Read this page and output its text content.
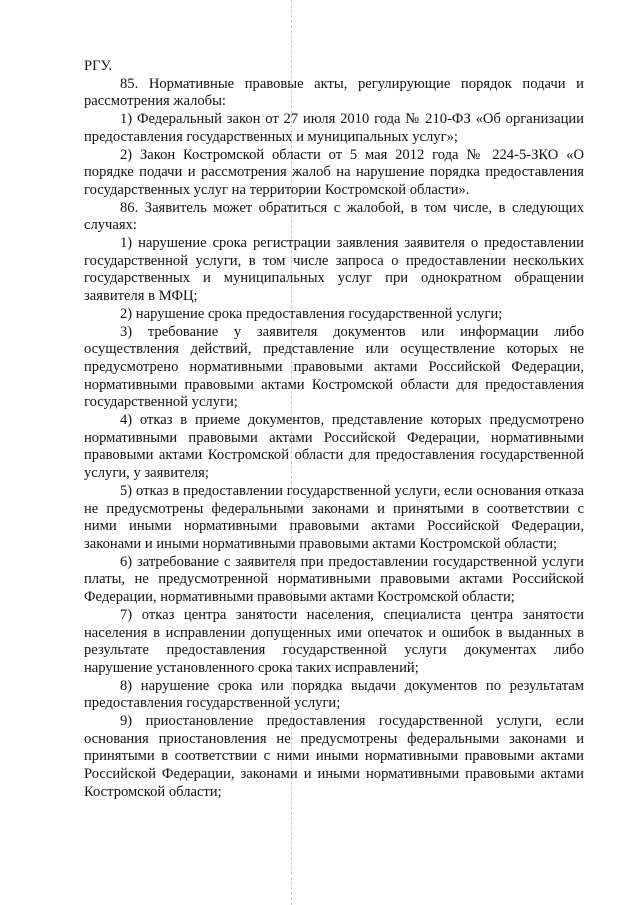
РГУ.

85. Нормативные правовые акты, регулирующие порядок подачи и рассмотрения жалобы:

1) Федеральный закон от 27 июля 2010 года № 210-ФЗ «Об организации предоставления государственных и муниципальных услуг»;

2) Закон Костромской области от 5 мая 2012 года № 224-5-ЗКО «О порядке подачи и рассмотрения жалоб на нарушение порядка предоставления государственных услуг на территории Костромской области».

86. Заявитель может обратиться с жалобой, в том числе, в следующих случаях:

1) нарушение срока регистрации заявления заявителя о предоставлении государственной услуги, в том числе запроса о предоставлении нескольких государственных и муниципальных услуг при однократном обращении заявителя в МФЦ;

2) нарушение срока предоставления государственной услуги;

3) требование у заявителя документов или информации либо осуществления действий, представление или осуществление которых не предусмотрено нормативными правовыми актами Российской Федерации, нормативными правовыми актами Костромской области для предоставления государственной услуги;

4) отказ в приеме документов, представление которых предусмотрено нормативными правовыми актами Российской Федерации, нормативными правовыми актами Костромской области для предоставления государственной услуги, у заявителя;

5) отказ в предоставлении государственной услуги, если основания отказа не предусмотрены федеральными законами и принятыми в соответствии с ними иными нормативными правовыми актами Российской Федерации, законами и иными нормативными правовыми актами Костромской области;

6) затребование с заявителя при предоставлении государственной услуги платы, не предусмотренной нормативными правовыми актами Российской Федерации, нормативными правовыми актами Костромской области;

7) отказ центра занятости населения, специалиста центра занятости населения в исправлении допущенных ими опечаток и ошибок в выданных в результате предоставления государственной услуги документах либо нарушение установленного срока таких исправлений;

8) нарушение срока или порядка выдачи документов по результатам предоставления государственной услуги;

9) приостановление предоставления государственной услуги, если основания приостановления не предусмотрены федеральными законами и принятыми в соответствии с ними иными нормативными правовыми актами Российской Федерации, законами и иными нормативными правовыми актами Костромской области;
